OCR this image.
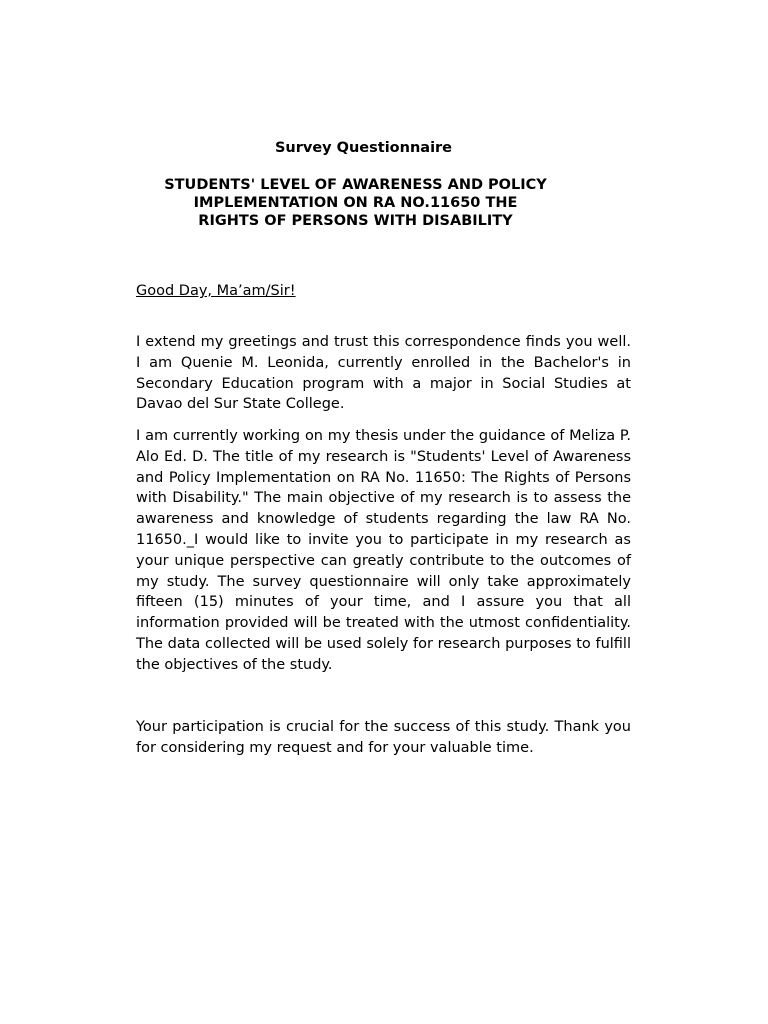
Survey Questionnaire
STUDENTS' LEVEL OF AWARENESS AND POLICY
IMPLEMENTATION ON RA NO.11650 THE
RIGHTS OF PERSONS WITH DISABILITY

Good Day, Ma’am/Sir!

I extend my greetings and trust this correspondence finds you well. I am Quenie M. Leonida, currently enrolled in the Bachelor's in Secondary Education program with a major in Social Studies at Davao del Sur State College.

I am currently working on my thesis under the guidance of Meliza P. Alo Ed. D. The title of my research is "Students' Level of Awareness and Policy Implementation on RA No. 11650: The Rights of Persons with Disability." The main objective of my research is to assess the awareness and knowledge of students regarding the law RA No. 11650._I would like to invite you to participate in my research as your unique perspective can greatly contribute to the outcomes of my study. The survey questionnaire will only take approximately fifteen (15) minutes of your time, and I assure you that all information provided will be treated with the utmost confidentiality. The data collected will be used solely for research purposes to fulfill the objectives of the study.

Your participation is crucial for the success of this study. Thank you for considering my request and for your valuable time.
